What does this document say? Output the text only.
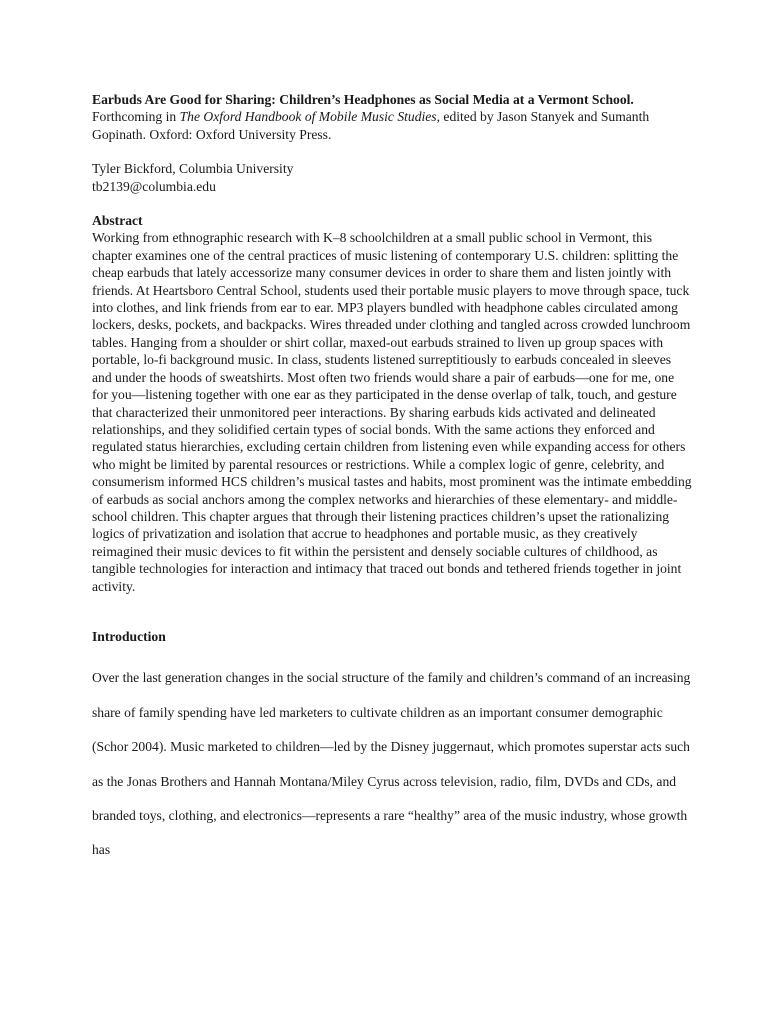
Earbuds Are Good for Sharing: Children’s Headphones as Social Media at a Vermont School. Forthcoming in The Oxford Handbook of Mobile Music Studies, edited by Jason Stanyek and Sumanth Gopinath. Oxford: Oxford University Press.

Tyler Bickford, Columbia University
tb2139@columbia.edu

Abstract

Working from ethnographic research with K–8 schoolchildren at a small public school in Vermont, this chapter examines one of the central practices of music listening of contemporary U.S. children: splitting the cheap earbuds that lately accessorize many consumer devices in order to share them and listen jointly with friends. At Heartsboro Central School, students used their portable music players to move through space, tuck into clothes, and link friends from ear to ear. MP3 players bundled with headphone cables circulated among lockers, desks, pockets, and backpacks. Wires threaded under clothing and tangled across crowded lunchroom tables. Hanging from a shoulder or shirt collar, maxed-out earbuds strained to liven up group spaces with portable, lo-fi background music. In class, students listened surreptitiously to earbuds concealed in sleeves and under the hoods of sweatshirts. Most often two friends would share a pair of earbuds—one for me, one for you—listening together with one ear as they participated in the dense overlap of talk, touch, and gesture that characterized their unmonitored peer interactions. By sharing earbuds kids activated and delineated relationships, and they solidified certain types of social bonds. With the same actions they enforced and regulated status hierarchies, excluding certain children from listening even while expanding access for others who might be limited by parental resources or restrictions. While a complex logic of genre, celebrity, and consumerism informed HCS children’s musical tastes and habits, most prominent was the intimate embedding of earbuds as social anchors among the complex networks and hierarchies of these elementary- and middle-school children. This chapter argues that through their listening practices children’s upset the rationalizing logics of privatization and isolation that accrue to headphones and portable music, as they creatively reimagined their music devices to fit within the persistent and densely sociable cultures of childhood, as tangible technologies for interaction and intimacy that traced out bonds and tethered friends together in joint activity.

Introduction

Over the last generation changes in the social structure of the family and children’s command of an increasing share of family spending have led marketers to cultivate children as an important consumer demographic (Schor 2004). Music marketed to children—led by the Disney juggernaut, which promotes superstar acts such as the Jonas Brothers and Hannah Montana/Miley Cyrus across television, radio, film, DVDs and CDs, and branded toys, clothing, and electronics—represents a rare “healthy” area of the music industry, whose growth has
